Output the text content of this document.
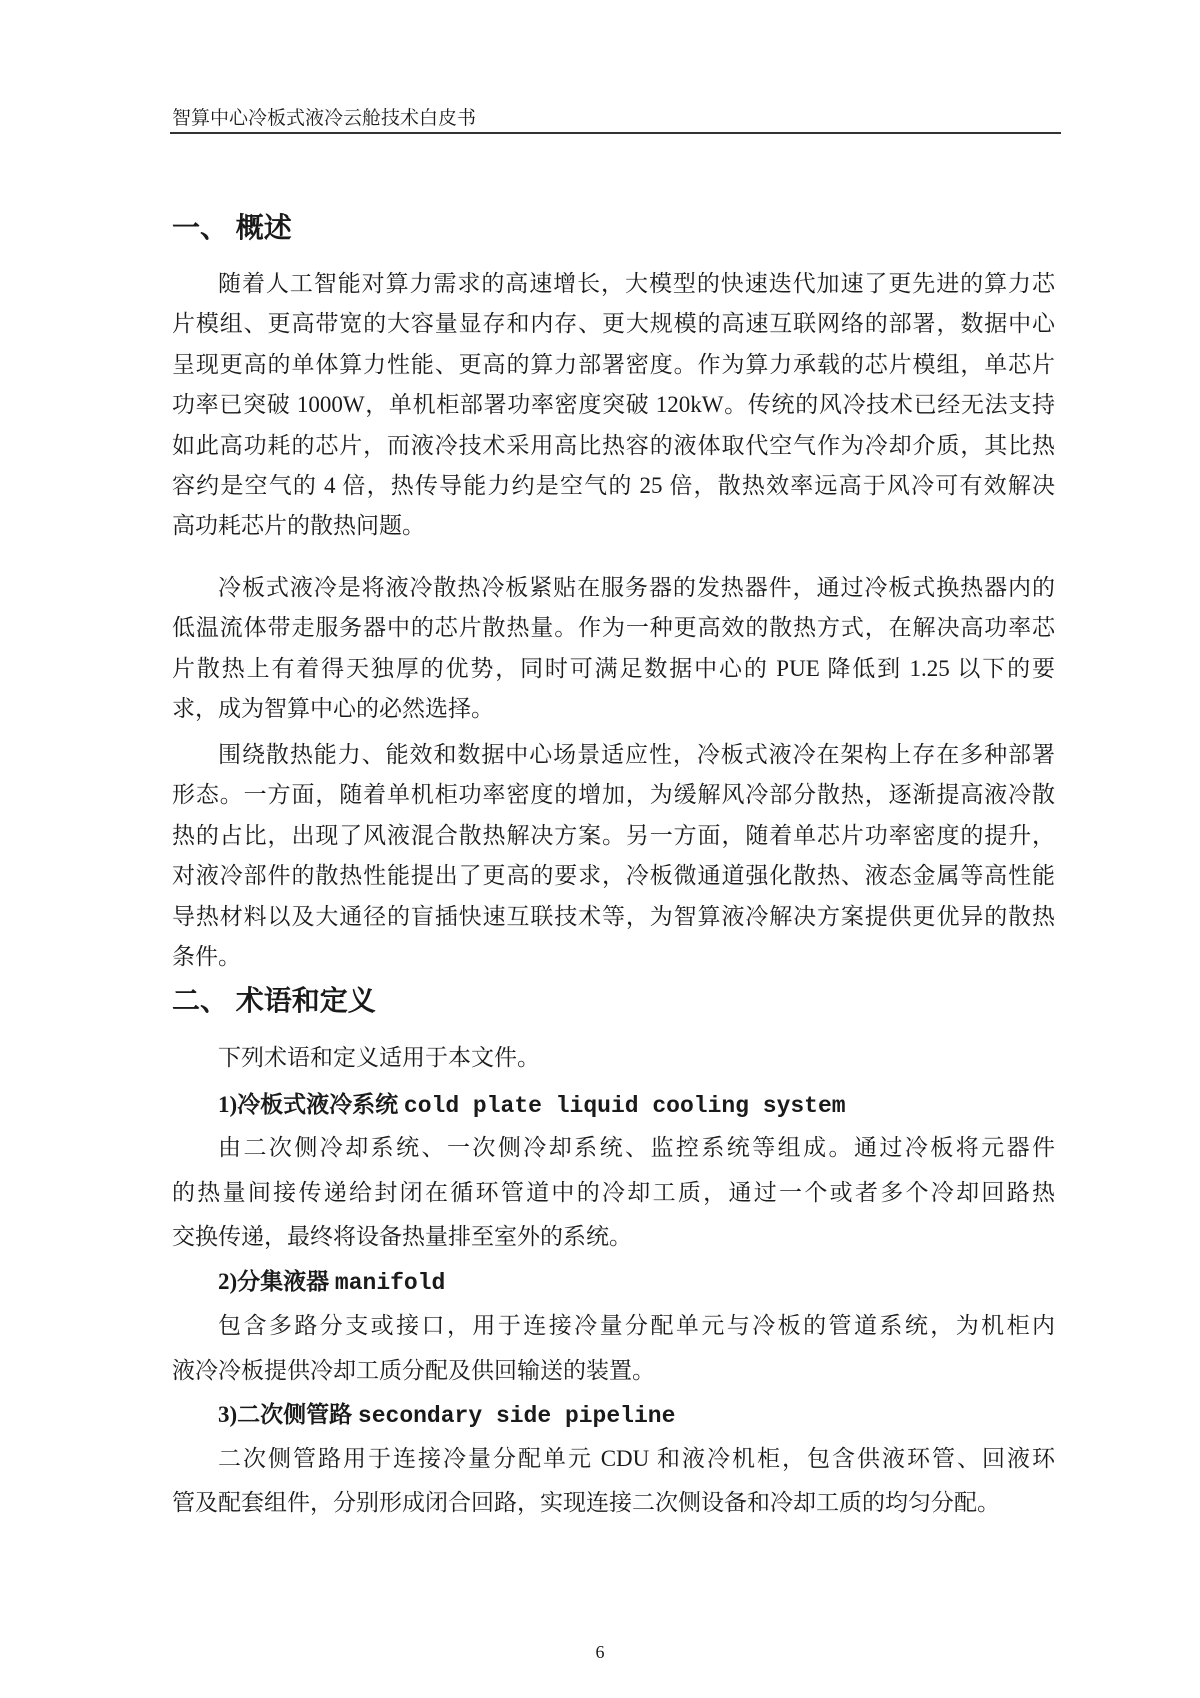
智算中心冷板式液冷云舱技术白皮书
一、 概述
随着人工智能对算力需求的高速增长，大模型的快速迭代加速了更先进的算力芯
片模组、更高带宽的大容量显存和内存、更大规模的高速互联网络的部署，数据中心
呈现更高的单体算力性能、更高的算力部署密度。作为算力承载的芯片模组，单芯片
功率已突破 1000W，单机柜部署功率密度突破 120kW。传统的风冷技术已经无法支持
如此高功耗的芯片，而液冷技术采用高比热容的液体取代空气作为冷却介质，其比热
容约是空气的 4 倍，热传导能力约是空气的 25 倍，散热效率远高于风冷可有效解决
高功耗芯片的散热问题。
冷板式液冷是将液冷散热冷板紧贴在服务器的发热器件，通过冷板式换热器内的
低温流体带走服务器中的芯片散热量。作为一种更高效的散热方式，在解决高功率芯
片散热上有着得天独厚的优势，同时可满足数据中心的 PUE 降低到 1.25 以下的要
求，成为智算中心的必然选择。
围绕散热能力、能效和数据中心场景适应性，冷板式液冷在架构上存在多种部署
形态。一方面，随着单机柜功率密度的增加，为缓解风冷部分散热，逐渐提高液冷散
热的占比，出现了风液混合散热解决方案。另一方面，随着单芯片功率密度的提升，
对液冷部件的散热性能提出了更高的要求，冷板微通道强化散热、液态金属等高性能
导热材料以及大通径的盲插快速互联技术等，为智算液冷解决方案提供更优异的散热
条件。
二、 术语和定义
下列术语和定义适用于本文件。
1)冷板式液冷系统 cold plate liquid cooling system
由二次侧冷却系统、一次侧冷却系统、监控系统等组成。通过冷板将元器件
的热量间接传递给封闭在循环管道中的冷却工质，通过一个或者多个冷却回路热
交换传递，最终将设备热量排至室外的系统。
2)分集液器 manifold
包含多路分支或接口，用于连接冷量分配单元与冷板的管道系统，为机柜内
液冷冷板提供冷却工质分配及供回输送的装置。
3)二次侧管路 secondary side pipeline
二次侧管路用于连接冷量分配单元 CDU 和液冷机柜，包含供液环管、回液环
管及配套组件，分别形成闭合回路，实现连接二次侧设备和冷却工质的均匀分配。
6
